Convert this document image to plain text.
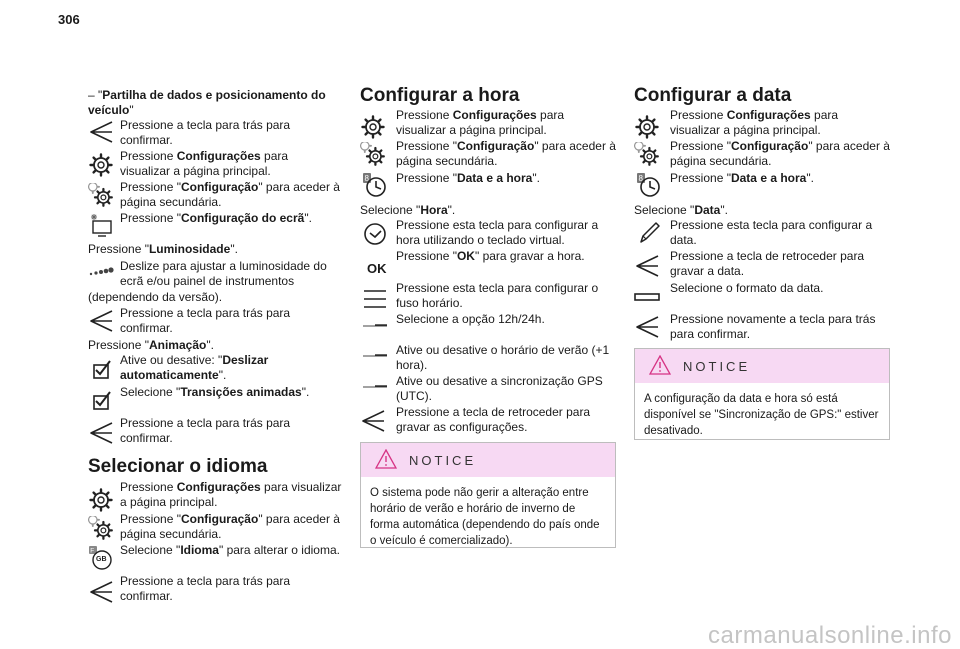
306
– "Partilha de dados e posicionamento do veículo"
Pressione a tecla para trás para confirmar.
Pressione Configurações para visualizar a página principal.
Pressione "Configuração" para aceder à página secundária.
Pressione "Configuração do ecrã".
Pressione "Luminosidade".
Deslize para ajustar a luminosidade do
ecrã e/ou painel de instrumentos
(dependendo da versão).
Pressione a tecla para trás para confirmar.
Pressione "Animação".
Ative ou desative: "Deslizar automaticamente".
Selecione "Transições animadas".
Pressione a tecla para trás para confirmar.
Selecionar o idioma
Pressione Configurações para visualizar a página principal.
Pressione "Configuração" para aceder à página secundária.
GB
Selecione "Idioma" para alterar o idioma.
Pressione a tecla para trás para confirmar.
Configurar a hora
Pressione Configurações para visualizar a página principal.
Pressione "Configuração" para aceder à página secundária.
Pressione "Data e a hora".
Selecione "Hora".
Pressione esta tecla para configurar a hora utilizando o teclado virtual.
OK
Pressione "OK" para gravar a hora.
Pressione esta tecla para configurar o fuso horário.
Selecione a opção 12h/24h.
Ative ou desative o horário de verão (+1 hora).
Ative ou desative a sincronização GPS (UTC).
Pressione a tecla de retroceder para gravar as configurações.
NOTICE
O sistema pode não gerir a alteração entre horário de verão e horário de inverno de forma automática (dependendo do país onde o veículo é comercializado).
Configurar a data
Pressione Configurações para visualizar a página principal.
Pressione "Configuração" para aceder à página secundária.
Pressione "Data e a hora".
Selecione "Data".
Pressione esta tecla para configurar a data.
Pressione a tecla de retroceder para gravar a data.
Selecione o formato da data.
Pressione novamente a tecla para trás para confirmar.
NOTICE
A configuração da data e hora só está disponível se "Sincronização de GPS:" estiver desativado.
carmanualsonline.info
